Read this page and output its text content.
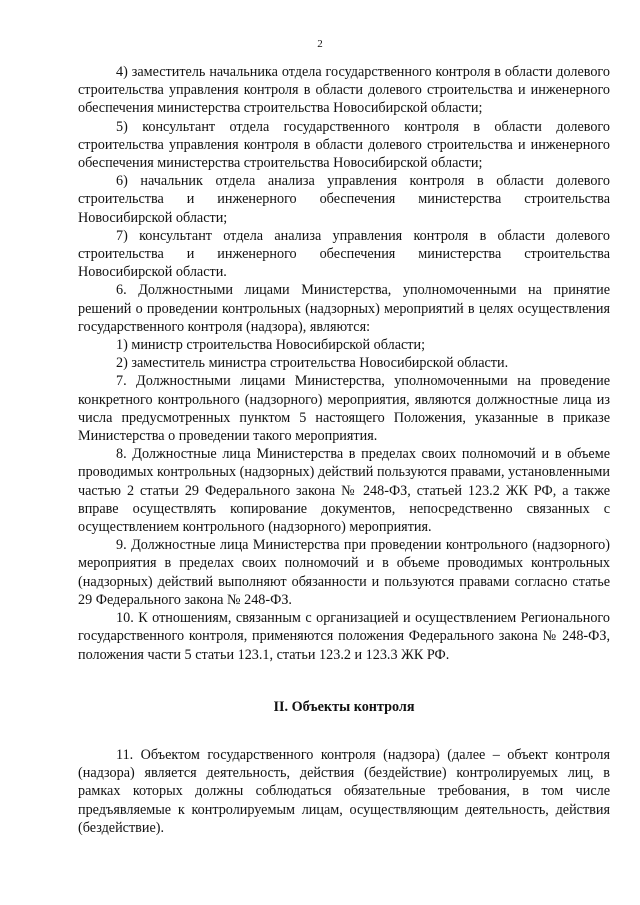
2

4) заместитель начальника отдела государственного контроля в области долевого строительства управления контроля в области долевого строительства и инженерного обеспечения министерства строительства Новосибирской области;

5) консультант отдела государственного контроля в области долевого строительства управления контроля в области долевого строительства и инженерного обеспечения министерства строительства Новосибирской области;

6) начальник отдела анализа управления контроля в области долевого строительства и инженерного обеспечения министерства строительства Новосибирской области;

7) консультант отдела анализа управления контроля в области долевого строительства и инженерного обеспечения министерства строительства Новосибирской области.

6. Должностными лицами Министерства, уполномоченными на принятие решений о проведении контрольных (надзорных) мероприятий в целях осуществления государственного контроля (надзора), являются:

1) министр строительства Новосибирской области;

2) заместитель министра строительства Новосибирской области.

7. Должностными лицами Министерства, уполномоченными на проведение конкретного контрольного (надзорного) мероприятия, являются должностные лица из числа предусмотренных пунктом 5 настоящего Положения, указанные в приказе Министерства о проведении такого мероприятия.

8. Должностные лица Министерства в пределах своих полномочий и в объеме проводимых контрольных (надзорных) действий пользуются правами, установленными частью 2 статьи 29 Федерального закона № 248-ФЗ, статьей 123.2 ЖК РФ, а также вправе осуществлять копирование документов, непосредственно связанных с осуществлением контрольного (надзорного) мероприятия.

9. Должностные лица Министерства при проведении контрольного (надзорного) мероприятия в пределах своих полномочий и в объеме проводимых контрольных (надзорных) действий выполняют обязанности и пользуются правами согласно статье 29 Федерального закона № 248-ФЗ.

10. К отношениям, связанным с организацией и осуществлением Регионального государственного контроля, применяются положения Федерального закона № 248-ФЗ, положения части 5 статьи 123.1, статьи 123.2 и 123.3 ЖК РФ.

II. Объекты контроля

11. Объектом государственного контроля (надзора) (далее – объект контроля (надзора) является деятельность, действия (бездействие) контролируемых лиц, в рамках которых должны соблюдаться обязательные требования, в том числе предъявляемые к контролируемым лицам, осуществляющим деятельность, действия (бездействие).
